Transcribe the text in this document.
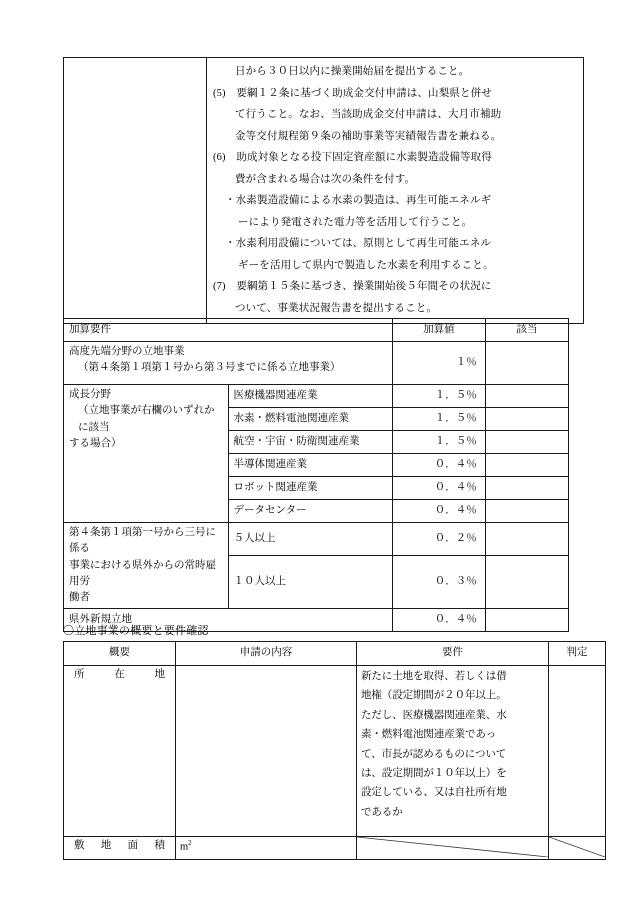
日から３０日以内に操業開始届を提出すること。
(5)　要綱１２条に基づく助成金交付申請は、山梨県と併せ
て行うこと。なお、当該助成金交付申請は、大月市補助
金等交付規程第９条の補助事業等実績報告書を兼ねる。
(6)　助成対象となる投下固定資産額に水素製造設備等取得
費が含まれる場合は次の条件を付す。
・水素製造設備による水素の製造は、再生可能エネルギ
ーにより発電された電力等を活用して行うこと。
・水素利用設備については、原則として再生可能エネル
ギーを活用して県内で製造した水素を利用すること。
(7)　要綱第１５条に基づき、操業開始後５年間その状況に
ついて、事業状況報告書を提出すること。
加算要件		加算値	該当

高度先端分野の立地事業
（第４条第１項第１号から第３号までに係る立地事業）		１％	

成長分野
（立地事業が右欄のいずれかに該当
する場合）	医療機器関連産業	１．５％	
	水素・燃料電池関連産業	１．５％	
	航空・宇宙・防衛関連産業	１．５％	
	半導体関連産業	０．４％	
	ロボット関連産業	０．４％	
	データセンター	０．４％	

第４条第１項第一号から三号に係る
事業における県外からの常時雇用労
働者	５人以上	０．２％	
	１０人以上	０．３％	
県外新規立地		０．４％	
〇立地事業の概要と要件確認
概要	申請の内容	要件	判定

所在地		新たに土地を取得、若しくは借
地権（設定期間が２０年以上。
ただし、医療機器関連産業、水
素・燃料電池関連産業であっ
て、市長が認めるものについて
は、設定期間が１０年以上）を
設定している、又は自社所有地
であるか

敷地面積	$m^2$	
